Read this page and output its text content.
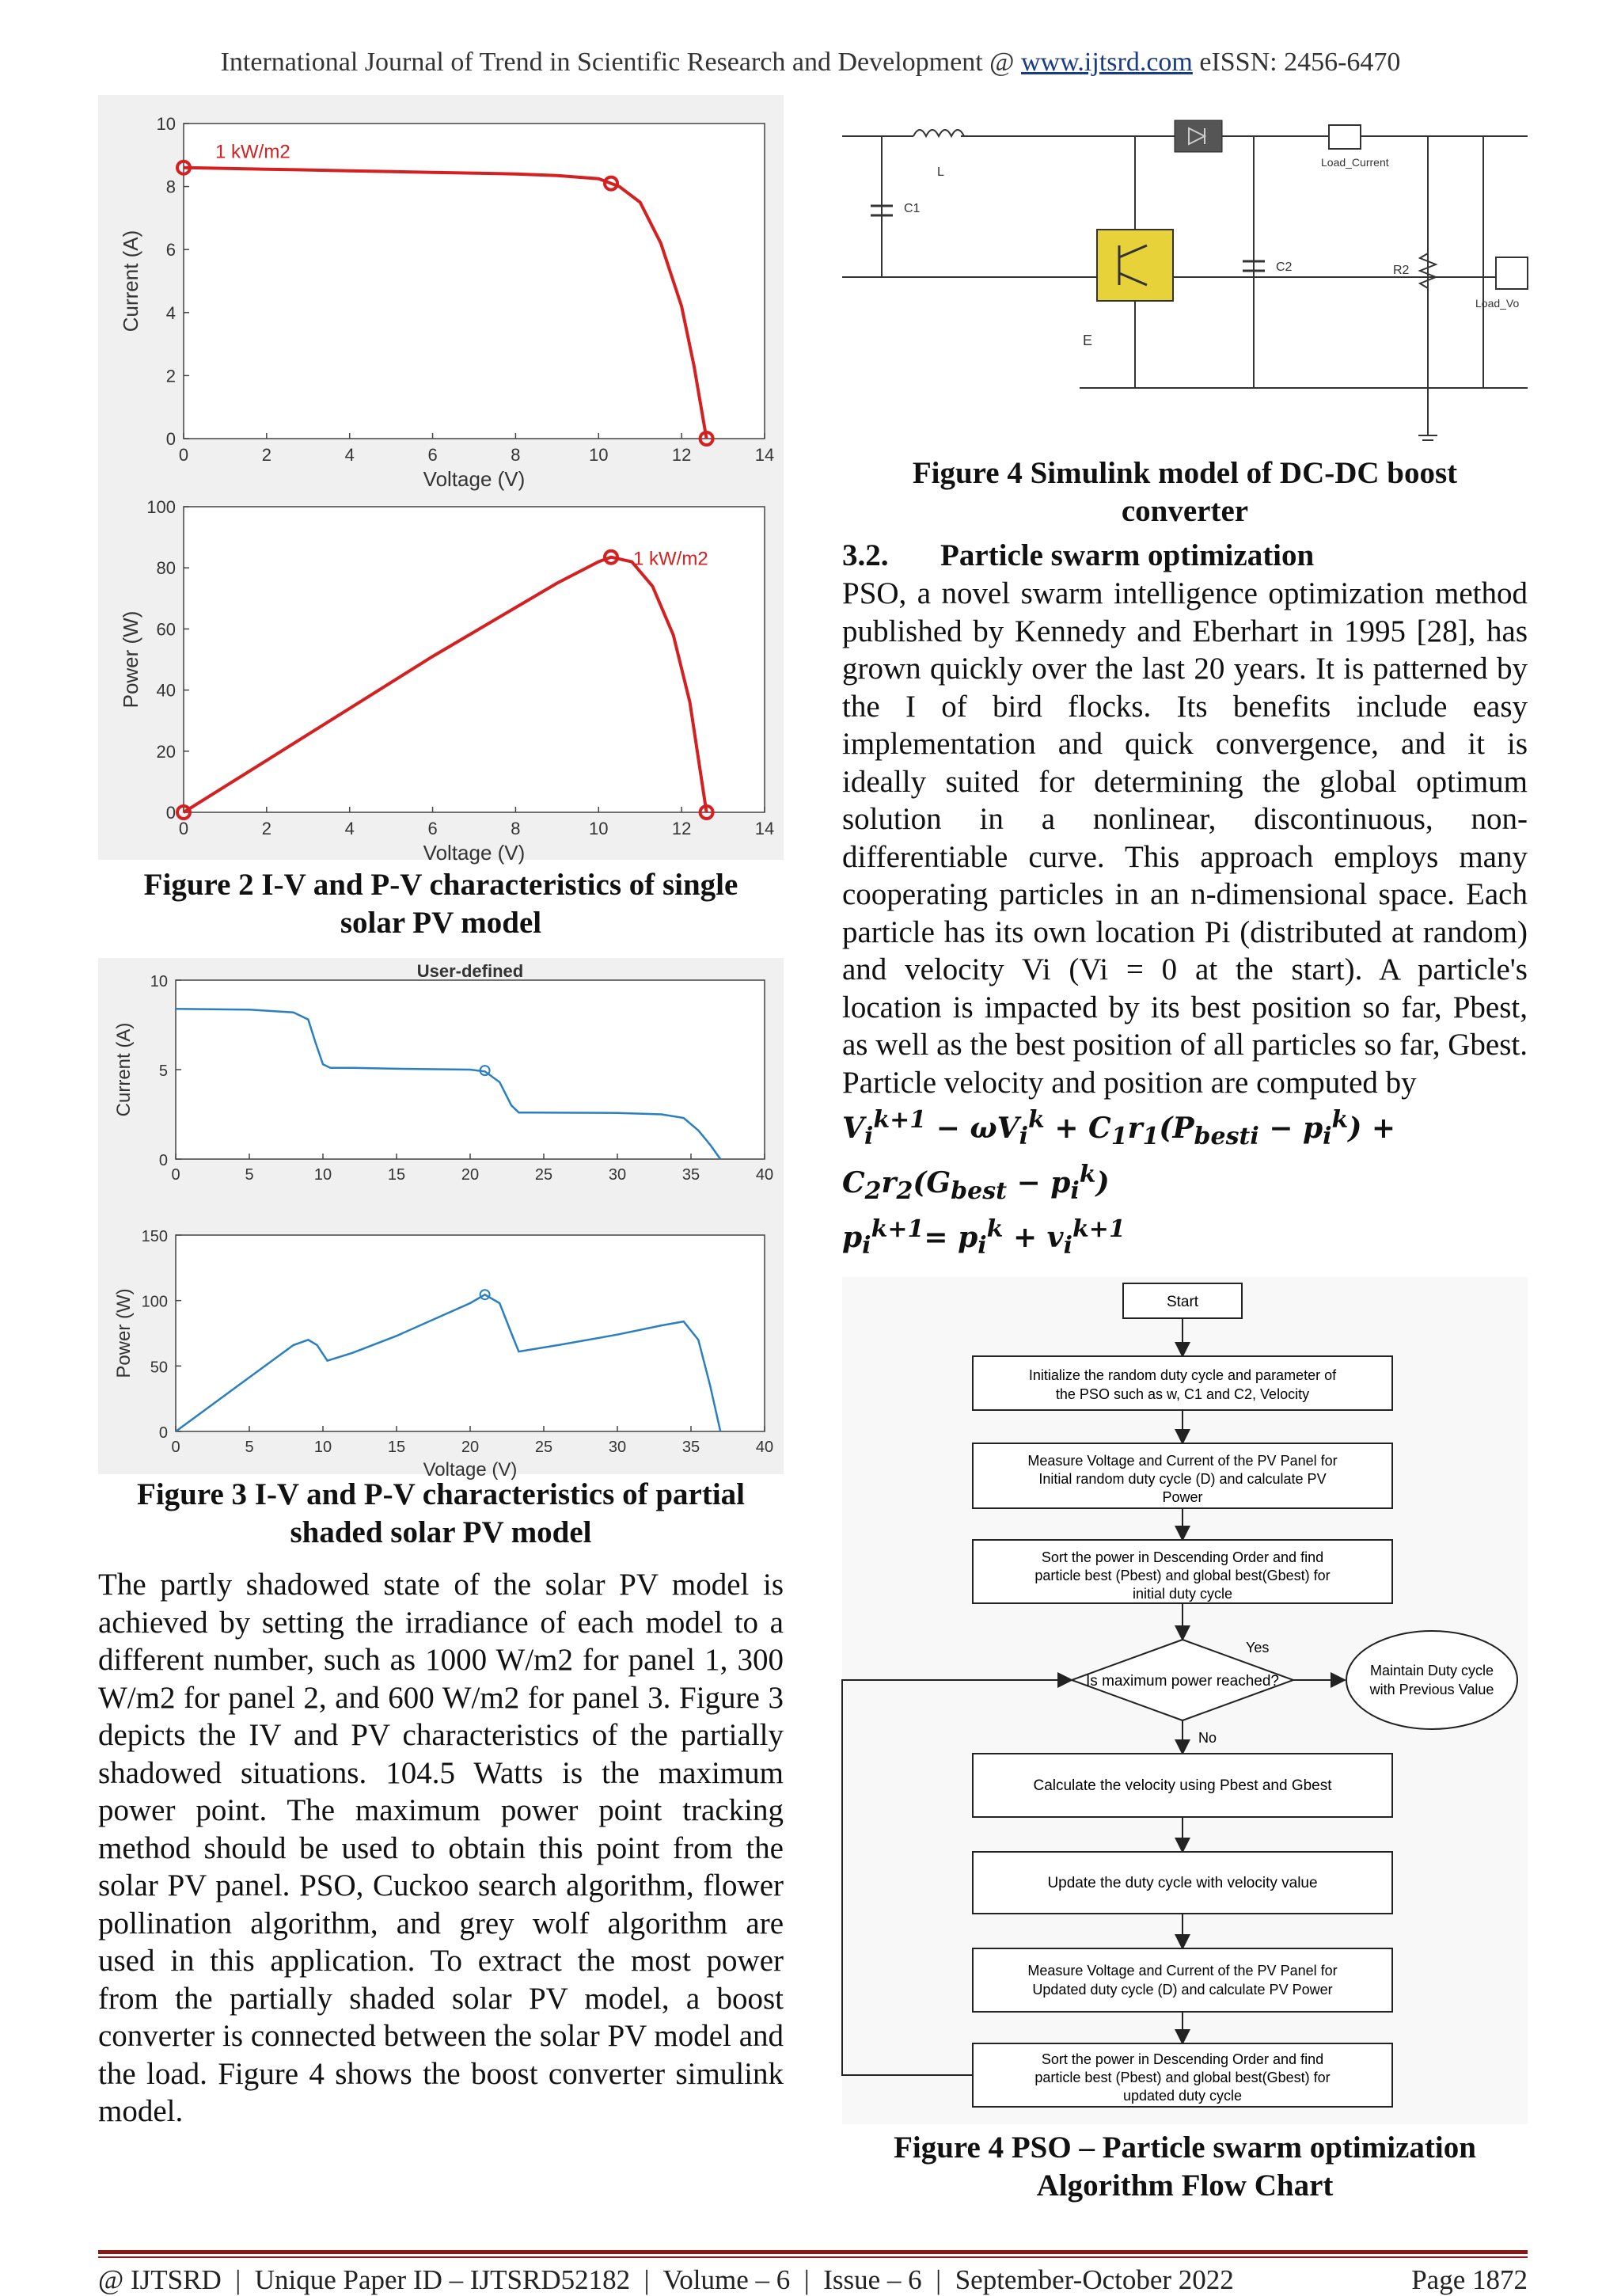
International Journal of Trend in Scientific Research and Development @ www.ijtsrd.com eISSN: 2456-6470
0	2	4	6	8	10	12	14
0
2
4
6
8
10
Voltage (V)
Current (A)
1 kW/m2
0	2	4	6	8	10	12	14
0
20
40
60
80
100
Voltage (V)
Power (W)
1 kW/m2
Figure 2 I-V and P-V characteristics of single
solar PV model
0	5	10	15	20	25	30	35	40
0
5
10
Current (A)
User-defined
0	5	10	15	20	25	30	35	40
0
50
100
150
Voltage (V)
Power (W)
Figure 3 I-V and P-V characteristics of partial
shaded solar PV model
The partly shadowed state of the solar PV model is achieved by setting the irradiance of each model to a different number, such as 1000 W/m2 for panel 1, 300 W/m2 for panel 2, and 600 W/m2 for panel 3. Figure 3 depicts the IV and PV characteristics of the partially shadowed situations. 104.5 Watts is the maximum power point. The maximum power point tracking method should be used to obtain this point from the solar PV panel. PSO, Cuckoo search algorithm, flower pollination algorithm, and grey wolf algorithm are used in this application. To extract the most power from the partially shaded solar PV model, a boost converter is connected between the solar PV model and the load. Figure 4 shows the boost converter simulink model.
L
Load_Current
C1
E
C2	R2
Load_Vo
Figure 4 Simulink model of DC-DC boost
converter
3.2. Particle swarm optimization
PSO, a novel swarm intelligence optimization method published by Kennedy and Eberhart in 1995 [28], has grown quickly over the last 20 years. It is patterned by the I of bird flocks. Its benefits include easy implementation and quick convergence, and it is ideally suited for determining the global optimum solution in a nonlinear, discontinuous, non-differentiable curve. This approach employs many cooperating particles in an n-dimensional space. Each particle has its own location Pi (distributed at random) and velocity Vi (Vi = 0 at the start). A particle's location is impacted by its best position so far, Pbest, as well as the best position of all particles so far, Gbest. Particle velocity and position are computed by
$V_i^{k+1} - \omega V_i^k + C_1r_1(P_{besti} - p_i^k) + C_2r_2(G_{best} - p_i^k)$
$p_i^{k+1}= p_i^k + v_i^{k+1}$
Start
Initialize the random duty cycle and parameter of
the PSO such as w, C1 and C2, Velocity
Measure Voltage and Current of the PV Panel for
Initial random duty cycle (D) and calculate PV
Power
Sort the power in Descending Order and find
particle best (Pbest) and global best(Gbest) for
initial duty cycle
Is maximum power reached?
Yes
No
Maintain Duty cycle
with Previous Value
Calculate the velocity using Pbest and Gbest
Update the duty cycle with velocity value
Measure Voltage and Current of the PV Panel for
Updated duty cycle (D) and calculate PV Power
Sort the power in Descending Order and find
particle best (Pbest) and global best(Gbest) for
updated duty cycle
Figure 4 PSO – Particle swarm optimization
Algorithm Flow Chart
@ IJTSRD  |  Unique Paper ID – IJTSRD52182  |  Volume – 6  |  Issue – 6  |  September-October 2022	Page 1872
